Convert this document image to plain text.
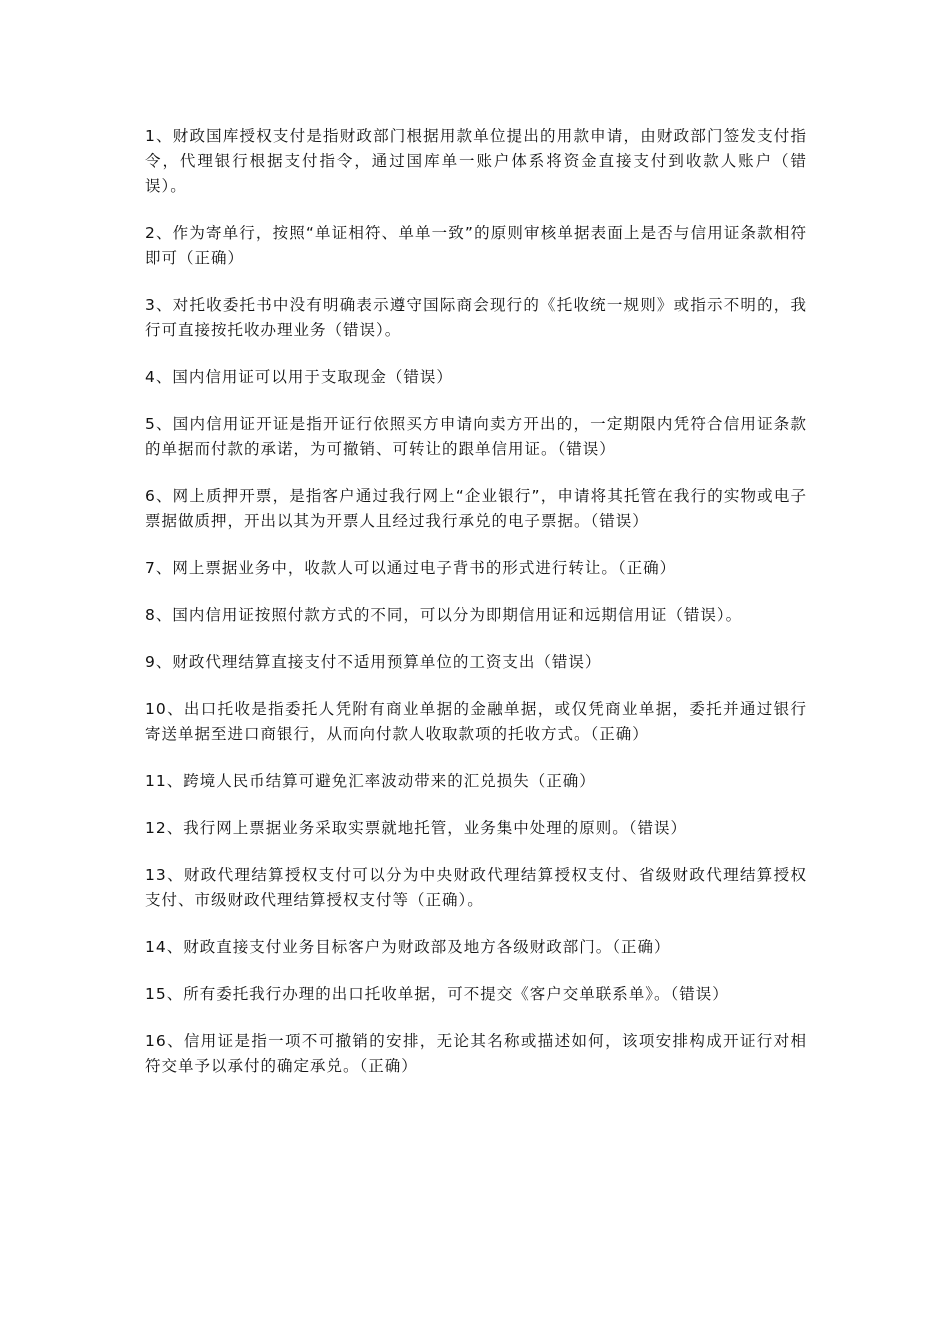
1、财政国库授权支付是指财政部门根据用款单位提出的用款申请，由财政部门签发支付指令，代理银行根据支付指令，通过国库单一账户体系将资金直接支付到收款人账户（错误）。

2、作为寄单行，按照“单证相符、单单一致”的原则审核单据表面上是否与信用证条款相符即可（正确）

3、对托收委托书中没有明确表示遵守国际商会现行的《托收统一规则》或指示不明的，我行可直接按托收办理业务（错误）。

4、国内信用证可以用于支取现金（错误）

5、国内信用证开证是指开证行依照买方申请向卖方开出的，一定期限内凭符合信用证条款的单据而付款的承诺，为可撤销、可转让的跟单信用证。（错误）

6、网上质押开票，是指客户通过我行网上“企业银行”，申请将其托管在我行的实物或电子票据做质押，开出以其为开票人且经过我行承兑的电子票据。（错误）

7、网上票据业务中，收款人可以通过电子背书的形式进行转让。（正确）

8、国内信用证按照付款方式的不同，可以分为即期信用证和远期信用证（错误）。

9、财政代理结算直接支付不适用预算单位的工资支出（错误）

10、出口托收是指委托人凭附有商业单据的金融单据，或仅凭商业单据，委托并通过银行寄送单据至进口商银行，从而向付款人收取款项的托收方式。（正确）

11、跨境人民币结算可避免汇率波动带来的汇兑损失（正确）

12、我行网上票据业务采取实票就地托管，业务集中处理的原则。（错误）

13、财政代理结算授权支付可以分为中央财政代理结算授权支付、省级财政代理结算授权支付、市级财政代理结算授权支付等（正确）。

14、财政直接支付业务目标客户为财政部及地方各级财政部门。（正确）

15、所有委托我行办理的出口托收单据，可不提交《客户交单联系单》。（错误）

16、信用证是指一项不可撤销的安排，无论其名称或描述如何，该项安排构成开证行对相符交单予以承付的确定承兑。（正确）
